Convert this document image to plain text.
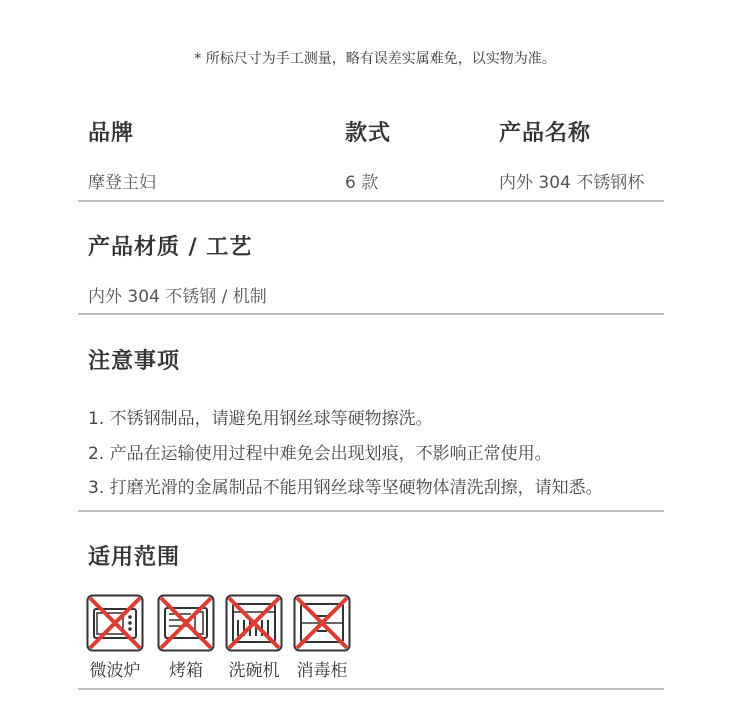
* 所标尺寸为手工测量，略有误差实属难免，以实物为准。
品牌	款式	产品名称
摩登主妇	6 款	内外 304 不锈钢杯
产品材质 / 工艺
内外 304 不锈钢 / 机制
注意事项
1. 不锈钢制品，请避免用钢丝球等硬物擦洗。
2. 产品在运输使用过程中难免会出现划痕，不影响正常使用。
3. 打磨光滑的金属制品不能用钢丝球等坚硬物体清洗刮擦，请知悉。
适用范围
微波炉	烤箱	洗碗机	消毒柜
